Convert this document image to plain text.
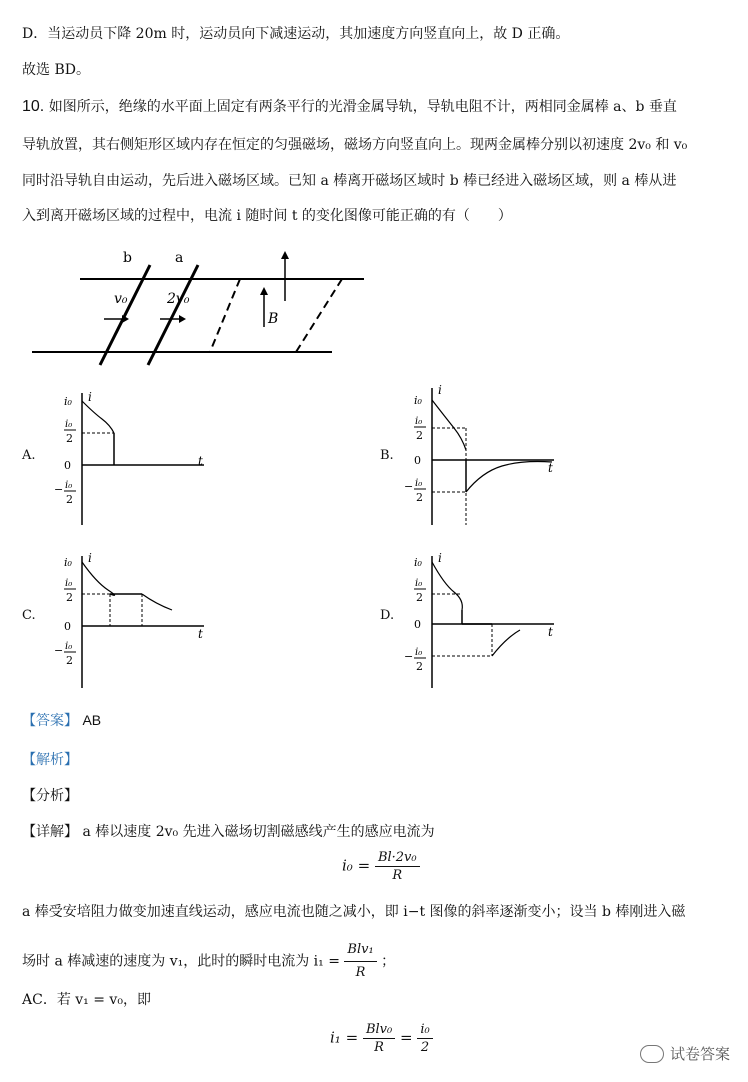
D．当运动员下降 20m 时，运动员向下减速运动，其加速度方向竖直向上，故 D 正确。
故选 BD。
10. 如图所示，绝缘的水平面上固定有两条平行的光滑金属导轨，导轨电阻不计，两相同金属棒 a、b 垂直
导轨放置，其右侧矩形区域内存在恒定的匀强磁场，磁场方向竖直向上。现两金属棒分别以初速度 2v₀ 和 v₀
同时沿导轨自由运动，先后进入磁场区域。已知 a 棒离开磁场区域时 b 棒已经进入磁场区域，则 a 棒从进
入到离开磁场区域的过程中，电流 i 随时间 t 的变化图像可能正确的有（　　）
b	a
v₀	2v₀
B
A.	B.
C.	D.
i
t
i₀
i₀
2
0
− i₀
2
i
t
i₀
i₀
2
0
− i₀
2
i
t
i₀
i₀
2
0
− i₀
2
i
t
i₀
i₀
2
0
− i₀
2
【答案】 AB
【解析】
【分析】
【详解】 a 棒以速度 2v₀ 先进入磁场切割磁感线产生的感应电流为
$i_0 = \frac{\text{Bl·2v₀}}{R}$
a 棒受安培阻力做变加速直线运动，感应电流也随之减小，即 i−t 图像的斜率逐渐变小；设当 b 棒刚进入磁
场时 a 棒减速的速度为 v₁，此时的瞬时电流为 $i_1 = \frac{\text{Blv₁}}{R}$ ；
AC．若 v₁ = v₀，即
$i_1 = \frac{\text{Blv₀}}{R} = \frac{\text{i₀}}{2}$	试卷答案
